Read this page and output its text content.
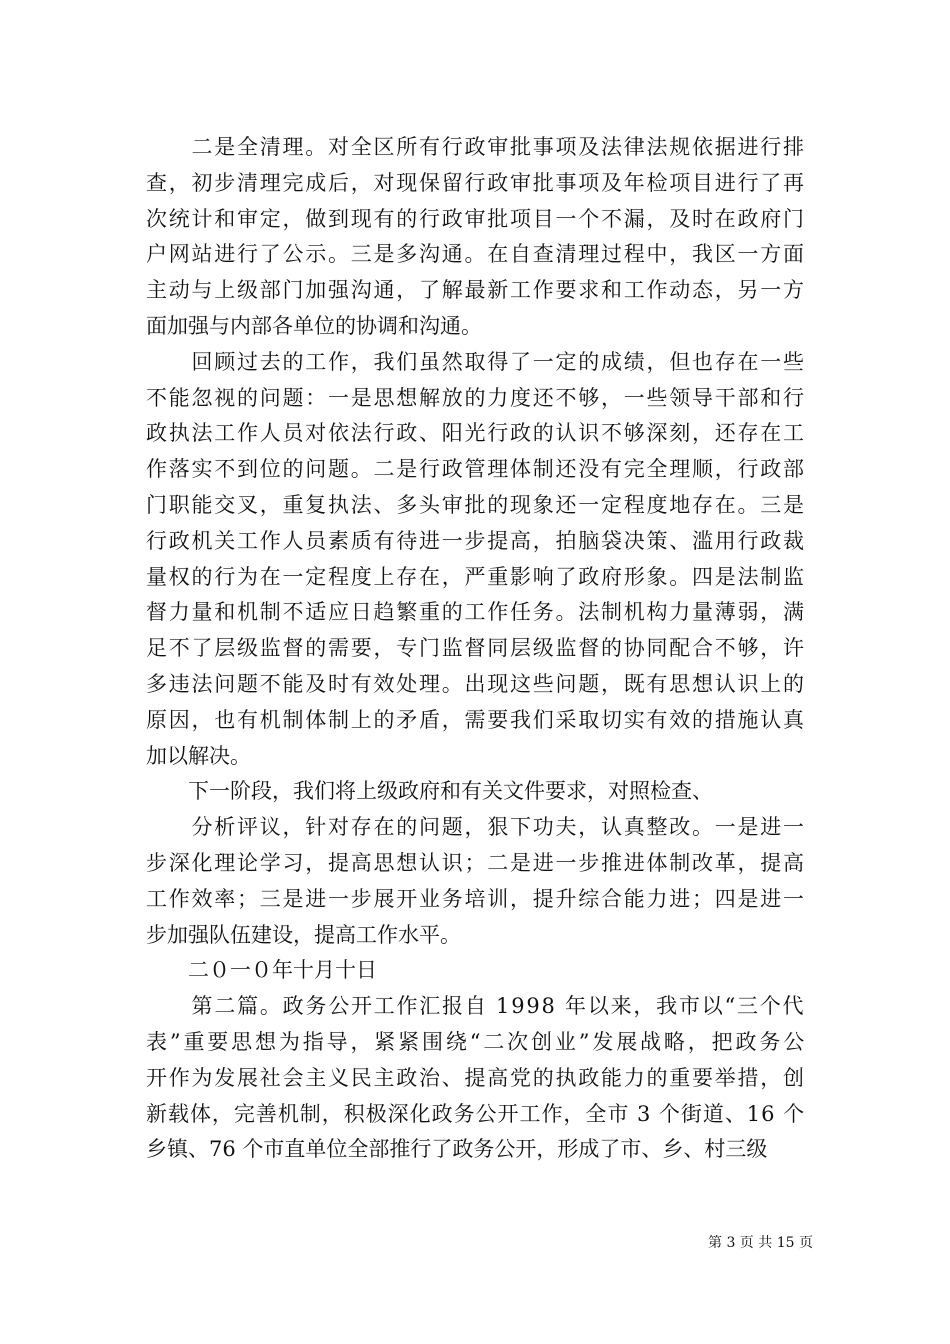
　　二是全清理。对全区所有行政审批事项及法律法规依据进行排

查，初步清理完成后，对现保留行政审批事项及年检项目进行了再

次统计和审定，做到现有的行政审批项目一个不漏，及时在政府门

户网站进行了公示。三是多沟通。在自查清理过程中，我区一方面

主动与上级部门加强沟通，了解最新工作要求和工作动态，另一方

面加强与内部各单位的协调和沟通。

　　回顾过去的工作，我们虽然取得了一定的成绩，但也存在一些

不能忽视的问题：一是思想解放的力度还不够，一些领导干部和行

政执法工作人员对依法行政、阳光行政的认识不够深刻，还存在工

作落实不到位的问题。二是行政管理体制还没有完全理顺，行政部

门职能交叉，重复执法、多头审批的现象还一定程度地存在。三是

行政机关工作人员素质有待进一步提高，拍脑袋决策、滥用行政裁

量权的行为在一定程度上存在，严重影响了政府形象。四是法制监

督力量和机制不适应日趋繁重的工作任务。法制机构力量薄弱，满

足不了层级监督的需要，专门监督同层级监督的协同配合不够，许

多违法问题不能及时有效处理。出现这些问题，既有思想认识上的

原因，也有机制体制上的矛盾，需要我们采取切实有效的措施认真

加以解决。

　　下一阶段，我们将上级政府和有关文件要求，对照检查、

　　分析评议，针对存在的问题，狠下功夫，认真整改。一是进一

步深化理论学习，提高思想认识；二是进一步推进体制改革，提高

工作效率；三是进一步展开业务培训，提升综合能力进；四是进一

步加强队伍建设，提高工作水平。

　　二０一０年十月十日

　　第二篇。政务公开工作汇报自 1998 年以来，我市以“三个代

表”重要思想为指导，紧紧围绕“二次创业”发展战略，把政务公

开作为发展社会主义民主政治、提高党的执政能力的重要举措，创

新载体，完善机制，积极深化政务公开工作，全市 3 个街道、16 个

乡镇、76 个市直单位全部推行了政务公开，形成了市、乡、村三级

第 3 页 共 15 页
